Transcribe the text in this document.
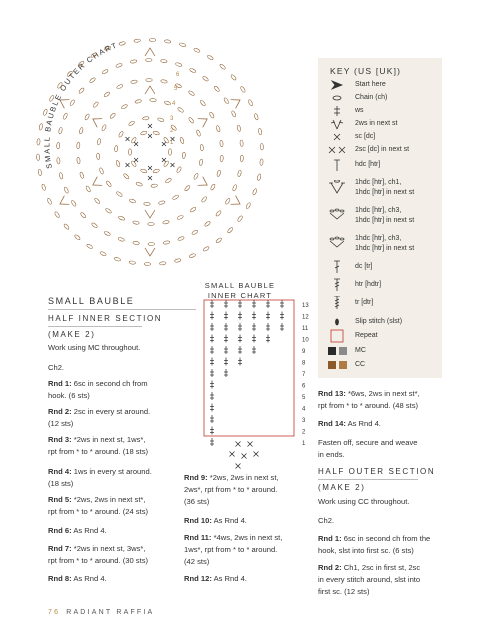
SMALL BAUBLE OUTER CHART
1
2
3
4
5
6	KEY (US [UK])
Start here
Chain (ch)
ws
2ws in next st
sc [dc]
2sc [dc] in next st
hdc [htr]
1hdc [htr], ch1,
1hdc [htr] in next st
1hdc [htr], ch3,
1hdc [htr] in next st
1hdc [htr], ch3,
1hdc [htr] in next st
dc [tr]
htr [hdtr]
tr [dtr]
Slip stitch (slst)
Repeat
MC
CC
SMALL BAUBLE
HALF INNER SECTION
(MAKE 2)
Work using MC throughout.
Ch2.
Rnd 1: 6sc in second ch from
hook. (6 sts)
Rnd 2: 2sc in every st around.
(12 sts)
Rnd 3: *2ws in next st, 1ws*,
rpt from * to * around. (18 sts)
Rnd 4: 1ws in every st around.
(18 sts)
Rnd 5: *2ws, 2ws in next st*,
rpt from * to * around. (24 sts)
Rnd 6: As Rnd 4.
Rnd 7: *2ws in next st, 3ws*,
rpt from * to * around. (30 sts)
Rnd 8: As Rnd 4.
SMALL BAUBLE
INNER CHART
13
12
11
10
9
8
7
6
5
4
3
2
1
Rnd 9: *2ws, 2ws in next st,
2ws*, rpt from * to * around.
(36 sts)
Rnd 10: As Rnd 4.
Rnd 11: *4ws, 2ws in next st,
1ws*, rpt from * to * around.
(42 sts)
Rnd 12: As Rnd 4.
Rnd 13: *6ws, 2ws in next st*,
rpt from * to * around. (48 sts)
Rnd 14: As Rnd 4.
Fasten off, secure and weave
in ends.
HALF OUTER SECTION
(MAKE 2)
Work using CC throughout.
Ch2.
Rnd 1: 6sc in second ch from the
hook, slst into first sc. (6 sts)
Rnd 2: Ch1, 2sc in first st, 2sc
in every stitch around, slst into
first sc. (12 sts)
76 RADIANT RAFFIA
